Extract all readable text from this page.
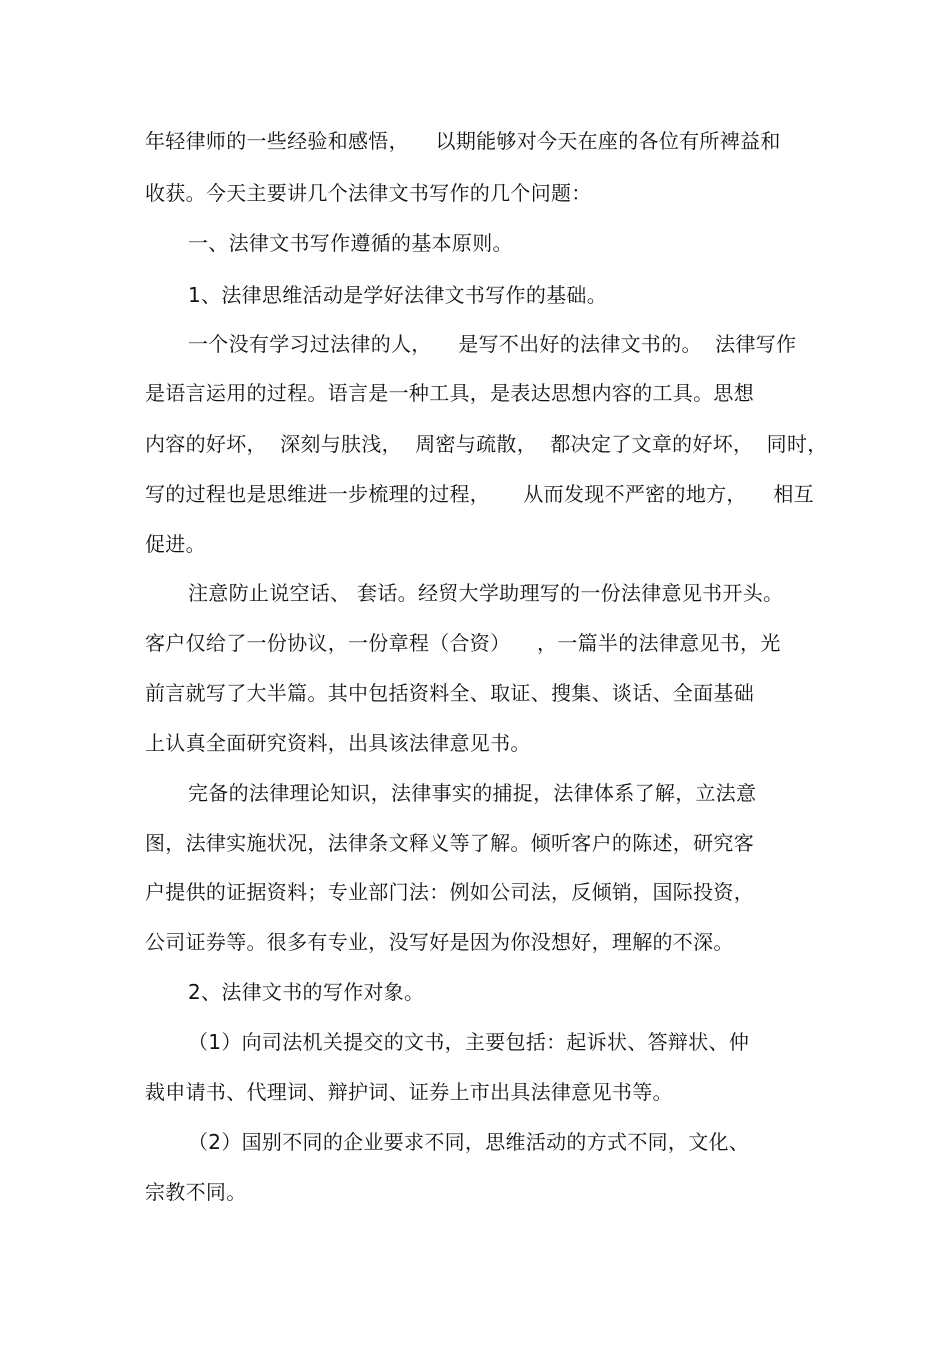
年轻律师的一些经验和感悟，    以期能够对今天在座的各位有所裨益和
收获。今天主要讲几个法律文书写作的几个问题：
一、法律文书写作遵循的基本原则。
1、法律思维活动是学好法律文书写作的基础。
一个没有学习过法律的人，    是写不出好的法律文书的。  法律写作
是语言运用的过程。语言是一种工具，是表达思想内容的工具。思想
内容的好坏，  深刻与肤浅，  周密与疏散，  都决定了文章的好坏，  同时，
写的过程也是思维进一步梳理的过程，     从而发现不严密的地方，    相互
促进。
注意防止说空话、 套话。经贸大学助理写的一份法律意见书开头。
客户仅给了一份协议，一份章程（合资）    ，一篇半的法律意见书，光
前言就写了大半篇。其中包括资料全、取证、搜集、谈话、全面基础
上认真全面研究资料，出具该法律意见书。
完备的法律理论知识，法律事实的捕捉，法律体系了解，立法意
图，法律实施状况，法律条文释义等了解。倾听客户的陈述，研究客
户提供的证据资料；专业部门法：例如公司法，反倾销，国际投资，
公司证券等。很多有专业，没写好是因为你没想好，理解的不深。
2、法律文书的写作对象。
（1）向司法机关提交的文书，主要包括：起诉状、答辩状、仲
裁申请书、代理词、辩护词、证券上市出具法律意见书等。
（2）国别不同的企业要求不同，思维活动的方式不同，文化、
宗教不同。
